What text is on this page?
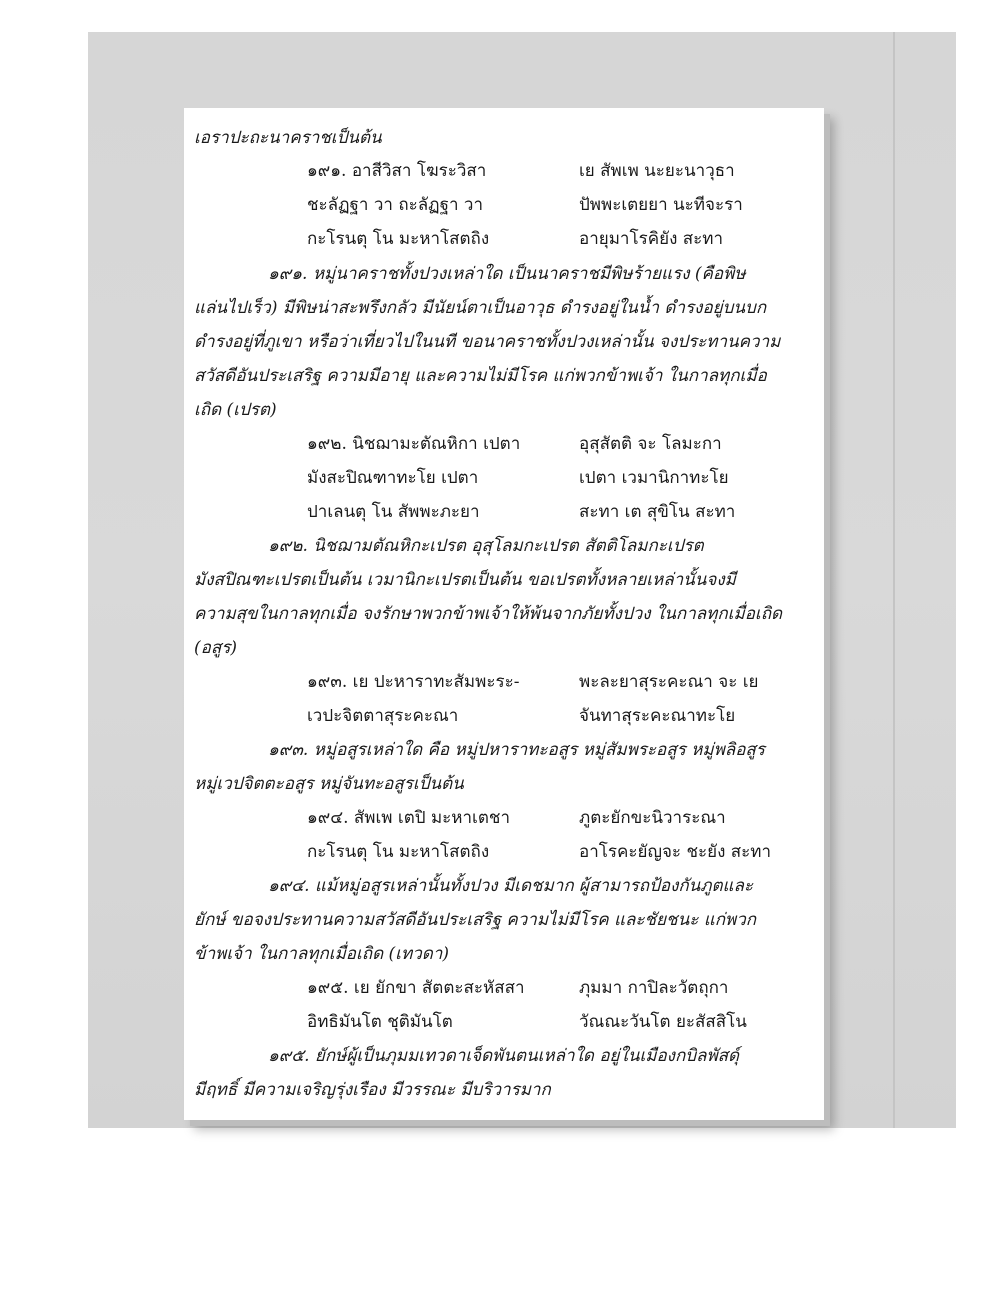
เอราปะถะนาคราชเป็นต้น
๑๙๑. อาสีวิสา โฆระวิสา	เย สัพเพ นะยะนาวุธา
ชะลัฏฐา วา ถะลัฏฐา วา	ปัพพะเตยยา นะทีจะรา
กะโรนตุ โน มะหาโสตถิง	อายุมาโรคิยัง สะทา
๑๙๑. หมู่นาคราชทั้งปวงเหล่าใด เป็นนาคราชมีพิษร้ายแรง (คือพิษ
แล่นไปเร็ว) มีพิษน่าสะพรึงกลัว มีนัยน์ตาเป็นอาวุธ ดำรงอยู่ในน้ำ ดำรงอยู่บนบก
ดำรงอยู่ที่ภูเขา หรือว่าเที่ยวไปในนที ขอนาคราชทั้งปวงเหล่านั้น จงประทานความ
สวัสดีอันประเสริฐ ความมีอายุ และความไม่มีโรค แก่พวกข้าพเจ้า ในกาลทุกเมื่อ
เถิด (เปรต)
๑๙๒. นิชฌามะตัณหิกา เปตา	อุสุสัตติ จะ โลมะกา
มังสะปิณฑาทะโย เปตา	เปตา เวมานิกาทะโย
ปาเลนตุ โน สัพพะภะยา	สะทา เต สุขิโน สะทา
๑๙๒. นิชฌามตัณหิกะเปรต อุสุโลมกะเปรต สัตติโลมกะเปรต
มังสปิณฑะเปรตเป็นต้น เวมานิกะเปรตเป็นต้น ขอเปรตทั้งหลายเหล่านั้นจงมี
ความสุขในกาลทุกเมื่อ จงรักษาพวกข้าพเจ้าให้พ้นจากภัยทั้งปวง ในกาลทุกเมื่อเถิด
(อสูร)
๑๙๓. เย ปะหาราทะสัมพะระ-	พะละยาสุระคะณา จะ เย
เวปะจิตตาสุระคะณา	จันทาสุระคะณาทะโย
๑๙๓. หมู่อสูรเหล่าใด คือ หมู่ปหาราทะอสูร หมู่สัมพระอสูร หมู่พลิอสูร
หมู่เวปจิตตะอสูร หมู่จันทะอสูรเป็นต้น
๑๙๔. สัพเพ เตปิ มะหาเตชา	ภูตะยักขะนิวาระณา
กะโรนตุ โน มะหาโสตถิง	อาโรคะยัญจะ ชะยัง สะทา
๑๙๔. แม้หมู่อสูรเหล่านั้นทั้งปวง มีเดชมาก ผู้สามารถป้องกันภูตและ
ยักษ์ ขอจงประทานความสวัสดีอันประเสริฐ ความไม่มีโรค และชัยชนะ แก่พวก
ข้าพเจ้า ในกาลทุกเมื่อเถิด (เทวดา)
๑๙๕. เย ยักขา สัตตะสะหัสสา	ภุมมา กาปิละวัตถุกา
อิทธิมันโต ชุติมันโต	วัณณะวันโต ยะสัสสิโน
๑๙๕. ยักษ์ผู้เป็นภุมมเทวดาเจ็ดพันตนเหล่าใด อยู่ในเมืองกบิลพัสดุ์
มีฤทธิ์ มีความเจริญรุ่งเรือง มีวรรณะ มีบริวารมาก
